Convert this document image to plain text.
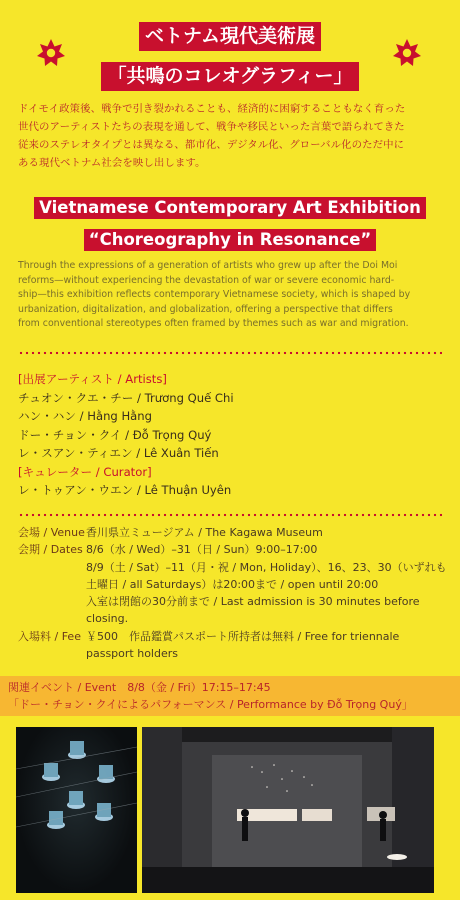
ベトナム現代美術展
「共鳴のコレオグラフィー」
ドイモイ政策後、戦争で引き裂かれることも、経済的に困窮することもなく育った
世代のアーティストたちの表現を通して、戦争や移民といった言葉で語られてきた
従来のステレオタイプとは異なる、都市化、デジタル化、グローバル化のただ中に
ある現代ベトナム社会を映し出します。
Vietnamese Contemporary Art Exhibition
“Choreography in Resonance”
Through the expressions of a generation of artists who grew up after the Doi Moi
reforms—without experiencing the devastation of war or severe economic hard-
ship—this exhibition reflects contemporary Vietnamese society, which is shaped by
urbanization, digitalization, and globalization, offering a perspective that differs
from conventional stereotypes often framed by themes such as war and migration.
[出展アーティスト / Artists]
チュオン・クエ・チー / Trương Quế Chi
ハン・ハン / Hằng Hằng
ドー・チョン・クイ / Đỗ Trọng Quý
レ・スアン・ティエン / Lê Xuân Tiến
[キュレーター / Curator]
レ・トゥアン・ウエン / Lê Thuận Uyên
会場 / Venue 香川県立ミュージアム / The Kagawa Museum
会期 / Dates 8/6（水 / Wed）–31（日 / Sun）9:00–17:00
8/9（土 / Sat）–11（月・祝 / Mon, Holiday）、16、23、30（いずれも
土曜日 / all Saturdays）は20:00まで / open until 20:00
入室は閉館の30分前まで / Last admission is 30 minutes before
closing.
入場料 / Fee ￥500　作品鑑賞パスポート所持者は無料 / Free for triennale
passport holders
関連イベント / Event　8/8（金 / Fri）17:15–17:45
「ドー・チョン・クイによるパフォーマンス / Performance by Đỗ Trọng Quý」
